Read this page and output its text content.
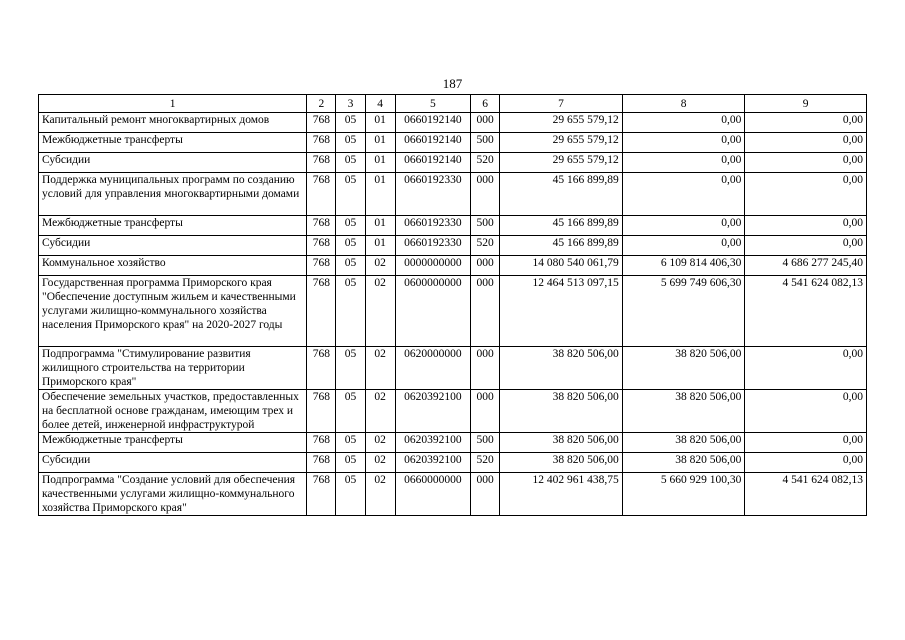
187
1	2	3	4	5	6	7	8	9
Капитальный ремонт многоквартирных домов	768	05	01	0660192140	000	29 655 579,12	0,00	0,00

Межбюджетные трансферты	768	05	01	0660192140	500	29 655 579,12	0,00	0,00

Субсидии	768	05	01	0660192140	520	29 655 579,12	0,00	0,00

Поддержка муниципальных программ по созданию условий для управления многоквартирными домами	768	05	01	0660192330	000	45 166 899,89	0,00	0,00

Межбюджетные трансферты	768	05	01	0660192330	500	45 166 899,89	0,00	0,00

Субсидии	768	05	01	0660192330	520	45 166 899,89	0,00	0,00

Коммунальное хозяйство	768	05	02	0000000000	000	14 080 540 061,79	6 109 814 406,30	4 686 277 245,40

Государственная программа Приморского края "Обеспечение доступным жильем и качественными услугами жилищно-коммунального хозяйства населения Приморского края" на 2020-2027 годы	768	05	02	0600000000	000	12 464 513 097,15	5 699 749 606,30	4 541 624 082,13

Подпрограмма "Стимулирование развития жилищного строительства на территории Приморского края"	768	05	02	0620000000	000	38 820 506,00	38 820 506,00	0,00

Обеспечение земельных участков, предоставленных на бесплатной основе гражданам, имеющим трех и более детей, инженерной инфраструктурой	768	05	02	0620392100	000	38 820 506,00	38 820 506,00	0,00

Межбюджетные трансферты	768	05	02	0620392100	500	38 820 506,00	38 820 506,00	0,00

Субсидии	768	05	02	0620392100	520	38 820 506,00	38 820 506,00	0,00

Подпрограмма "Создание условий для обеспечения качественными услугами жилищно-коммунального хозяйства Приморского края"	768	05	02	0660000000	000	12 402 961 438,75	5 660 929 100,30	4 541 624 082,13
